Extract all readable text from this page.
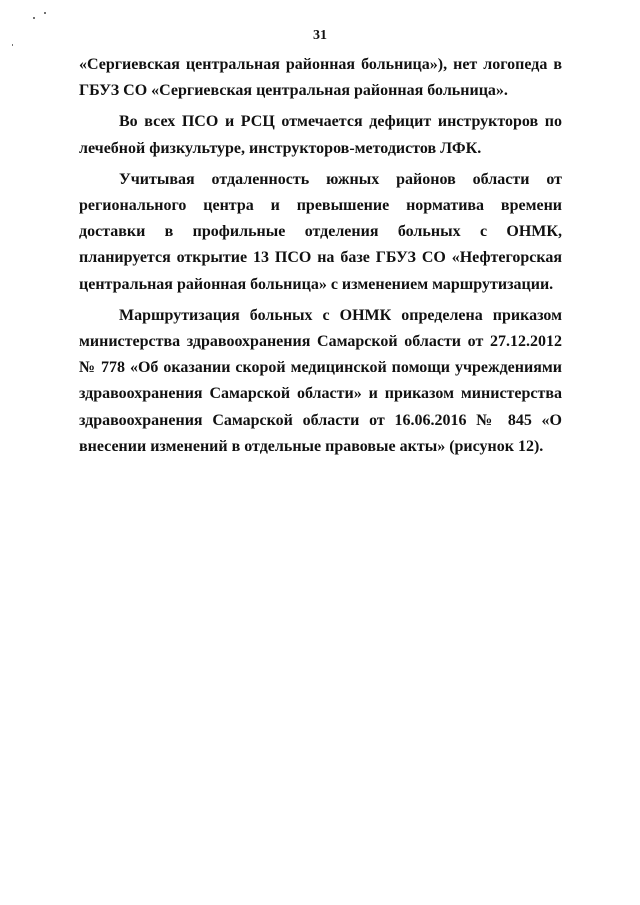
31

«Сергиевская центральная районная больница»), нет логопеда в ГБУЗ СО «Сергиевская центральная районная больница».

Во всех ПСО и РСЦ отмечается дефицит инструкторов по лечебной физкультуре, инструкторов-методистов ЛФК.

Учитывая отдаленность южных районов области от регионального центра и превышение норматива времени доставки в профильные отделения больных с ОНМК, планируется открытие 13 ПСО на базе ГБУЗ СО «Нефтегорская центральная районная больница» с изменением маршрутизации.

Маршрутизация больных с ОНМК определена приказом министерства здравоохранения Самарской области от 27.12.2012 № 778 «Об оказании скорой медицинской помощи учреждениями здравоохранения Самарской области» и приказом министерства здравоохранения Самарской области от 16.06.2016 № 845 «О внесении изменений в отдельные правовые акты» (рисунок 12).
